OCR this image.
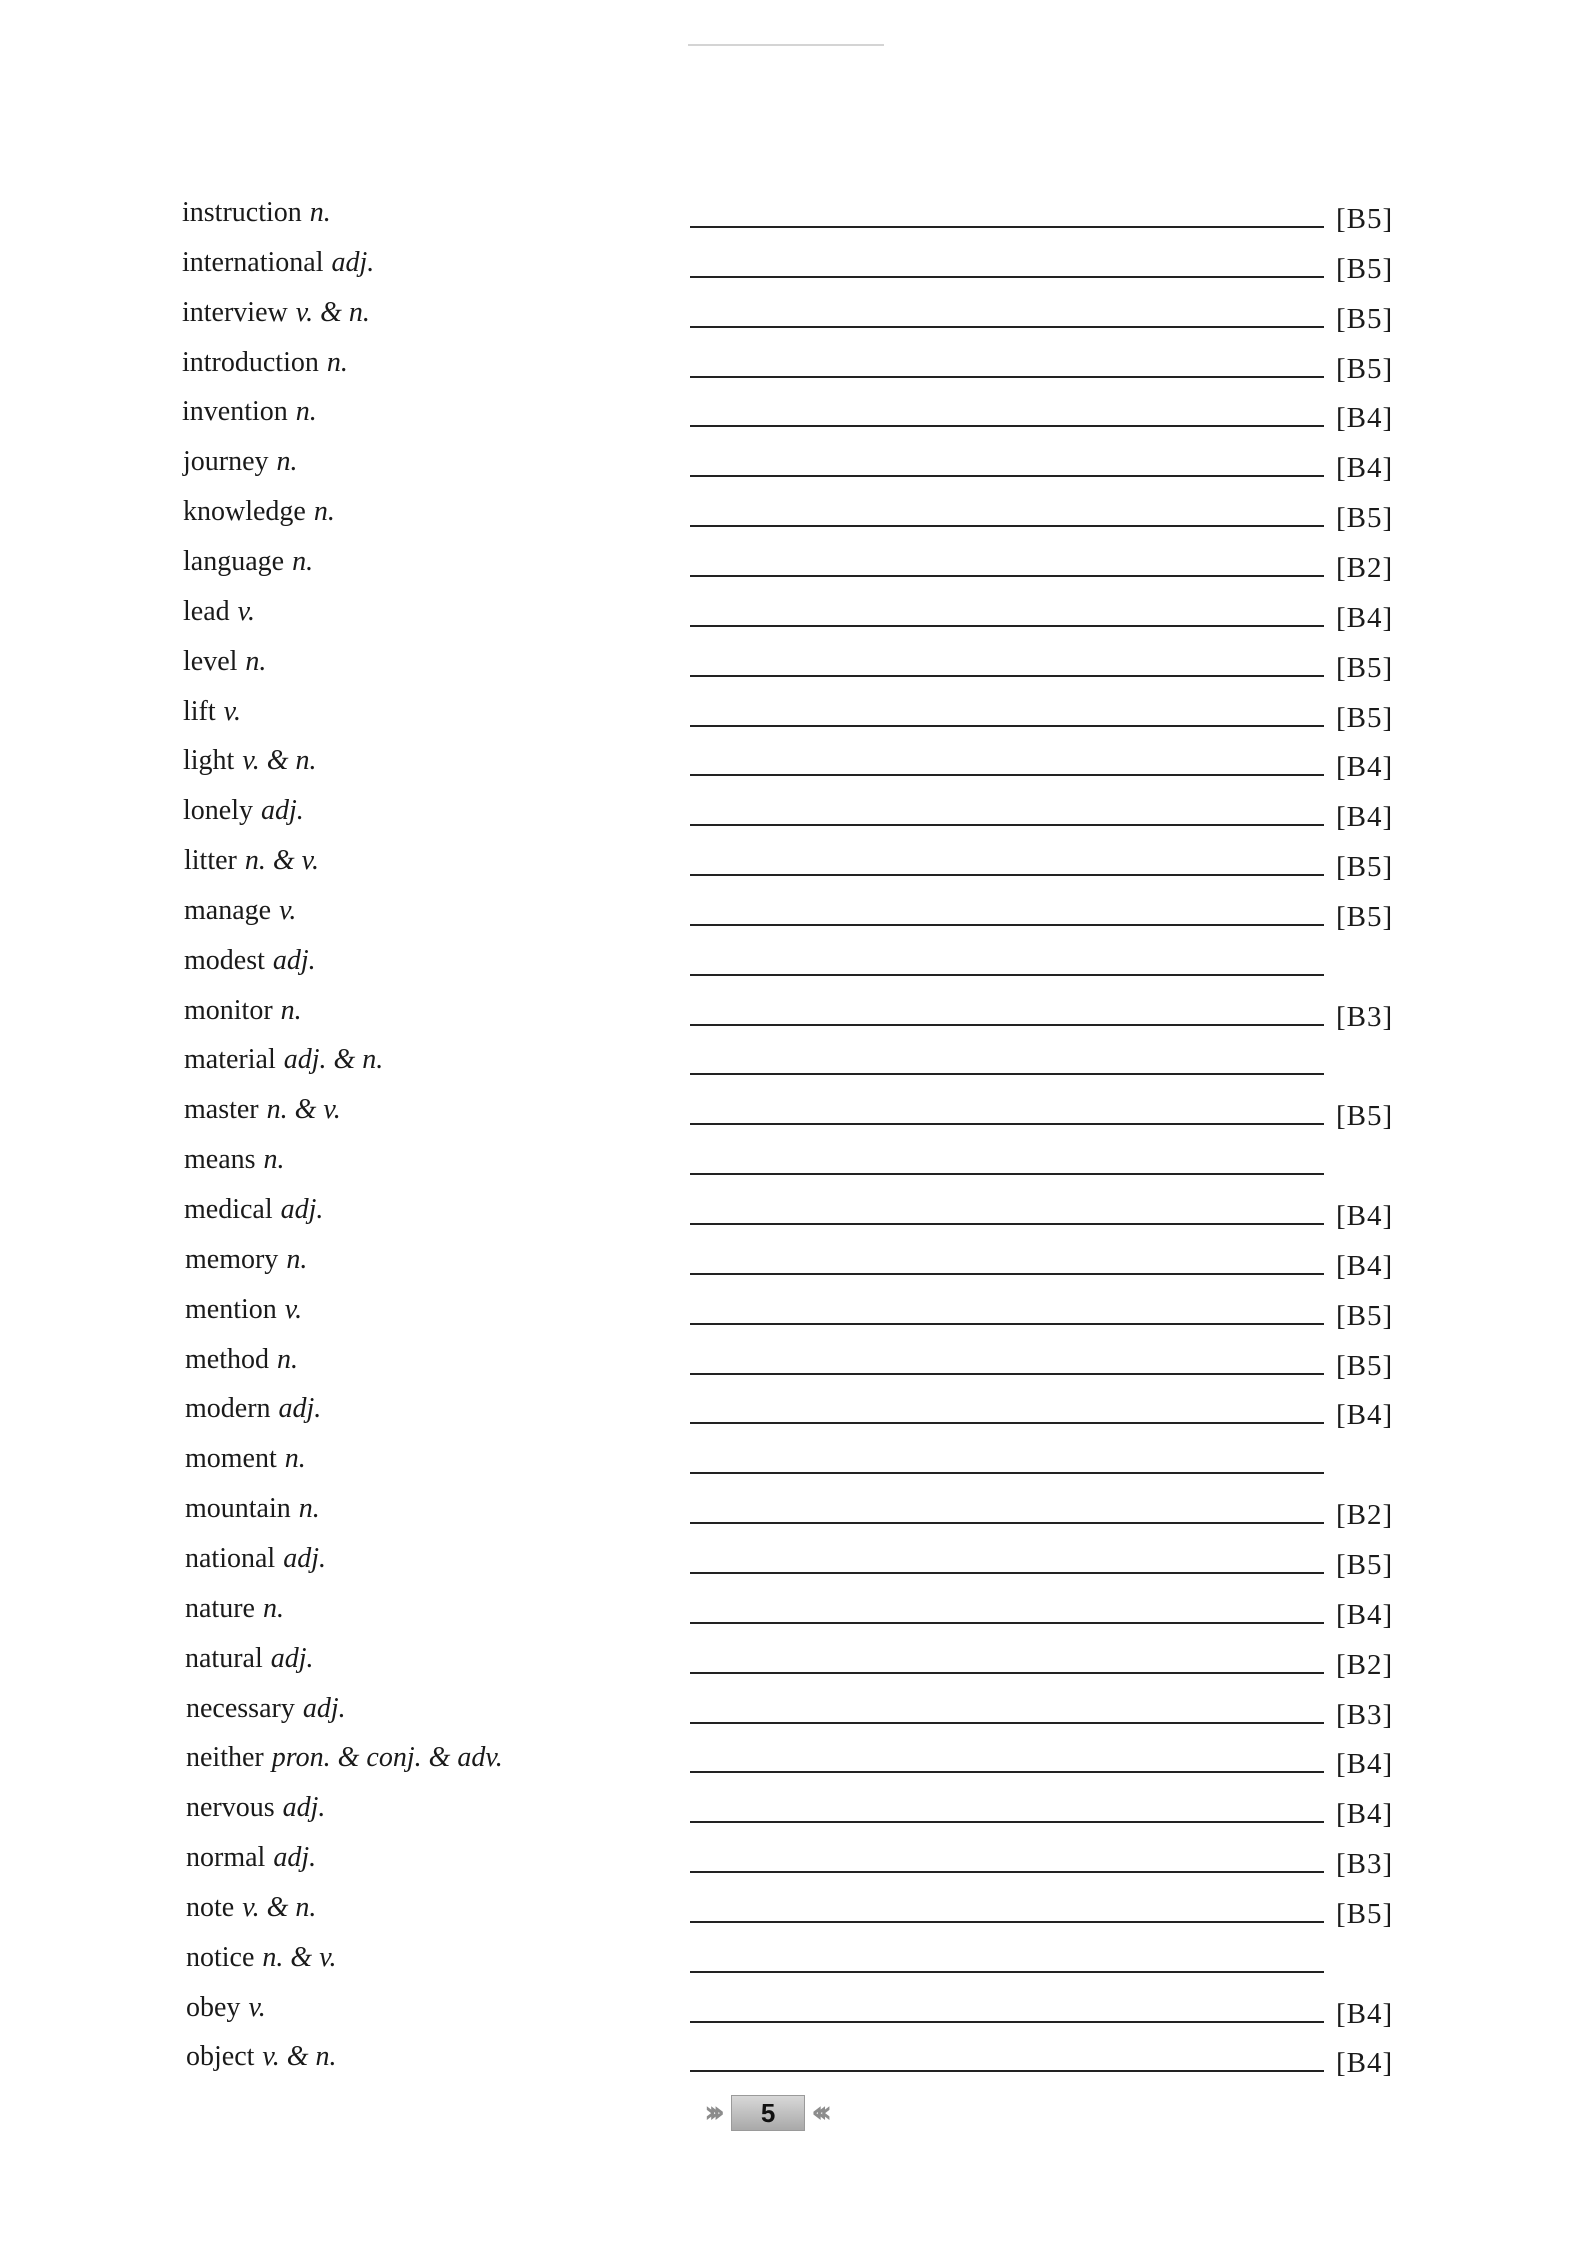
instruction n.	[B5]
international adj.	[B5]
interview v. & n.	[B5]
introduction n.	[B5]
invention n.	[B4]
journey n.	[B4]
knowledge n.	[B5]
language n.	[B2]
lead v.	[B4]
level n.	[B5]
lift v.	[B5]
light v. & n.	[B4]
lonely adj.	[B4]
litter n. & v.	[B5]
manage v.	[B5]
modest adj.
monitor n.	[B3]
material adj. & n.
master n. & v.	[B5]
means n.
medical adj.	[B4]
memory n.	[B4]
mention v.	[B5]
method n.	[B5]
modern adj.	[B4]
moment n.
mountain n.	[B2]
national adj.	[B5]
nature n.	[B4]
natural adj.	[B2]
necessary adj.	[B3]
neither pron. & conj. & adv.	[B4]
nervous adj.	[B4]
normal adj.	[B3]
note v. & n.	[B5]
notice n. & v.
obey v.	[B4]
object v. & n.	[B4]
›››	5	‹‹‹
